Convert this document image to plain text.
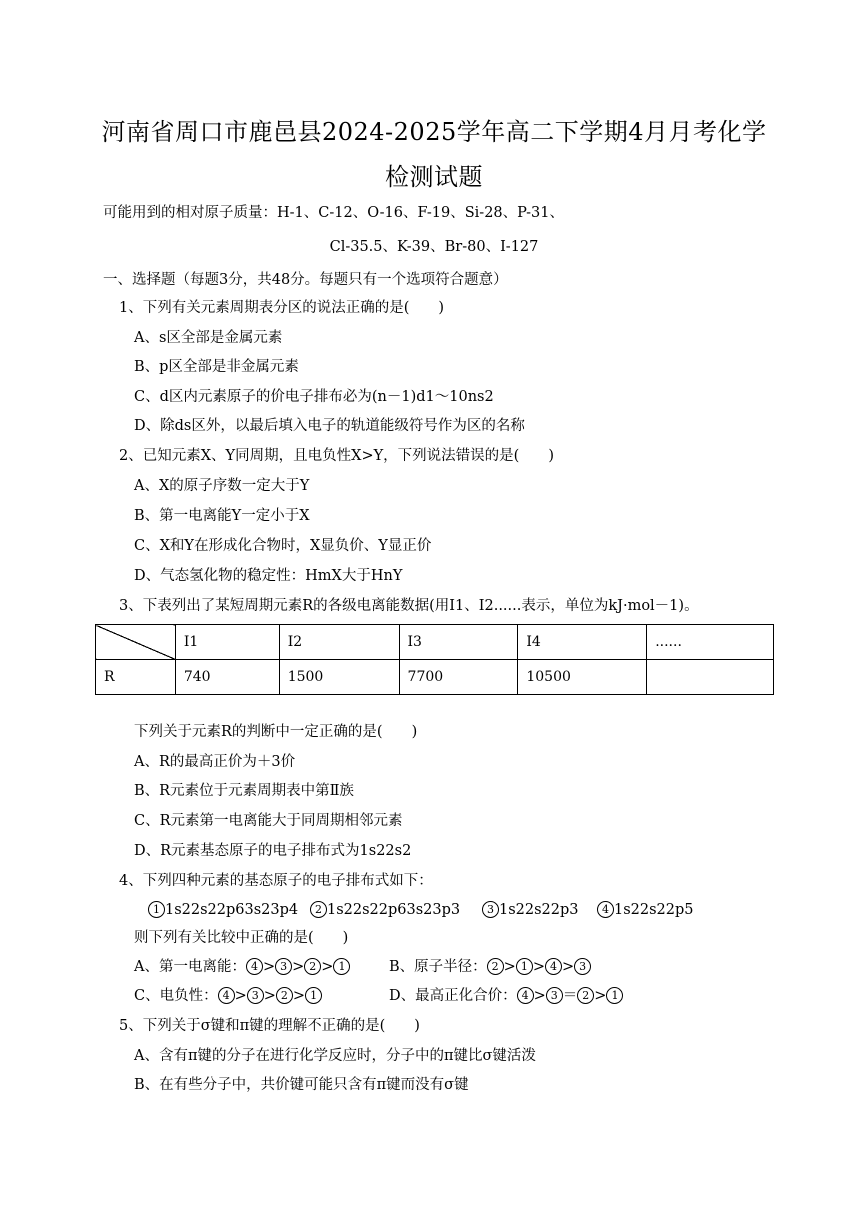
河南省周口市鹿邑县2024-2025学年高二下学期4月月考化学
检测试题
可能用到的相对原子质量：H-1、C-12、O-16、F-19、Si-28、P-31、
Cl-35.5、K-39、Br-80、I-127
一、选择题（每题3分，共48分。每题只有一个选项符合题意）
1、下列有关元素周期表分区的说法正确的是(　　)
A、s区全部是金属元素
B、p区全部是非金属元素
C、d区内元素原子的价电子排布必为(n－1)d1～10ns2
D、除ds区外，以最后填入电子的轨道能级符号作为区的名称
2、已知元素X、Y同周期，且电负性X>Y，下列说法错误的是(　　)
A、X的原子序数一定大于Y
B、第一电离能Y一定小于X
C、X和Y在形成化合物时，X显负价、Y显正价
D、气态氢化物的稳定性：HmX大于HnY
3、下表列出了某短周期元素R的各级电离能数据(用I1、I2......表示，单位为kJ·mol－1)。
	I1	I2	I3	I4	......
R	740	1500	7700	10500	
下列关于元素R的判断中一定正确的是(　　)
A、R的最高正价为＋3价
B、R元素位于元素周期表中第Ⅱ族
C、R元素第一电离能大于同周期相邻元素
D、R元素基态原子的电子排布式为1s22s2
4、下列四种元素的基态原子的电子排布式如下：
1 1s22s22p63s23p4	2 1s22s22p63s23p3	3 1s22s22p3	4 1s22s22p5
则下列有关比较中正确的是(　　)
A、第一电离能： 4 > 3 > 2 > 1	B、原子半径： 2 > 1 > 4 > 3
C、电负性： 4 > 3 > 2 > 1	D、最高正化合价： 4 > 3 ＝ 2 > 1
5、下列关于σ键和π键的理解不正确的是(　　)
A、含有π键的分子在进行化学反应时，分子中的π键比σ键活泼
B、在有些分子中，共价键可能只含有π键而没有σ键
